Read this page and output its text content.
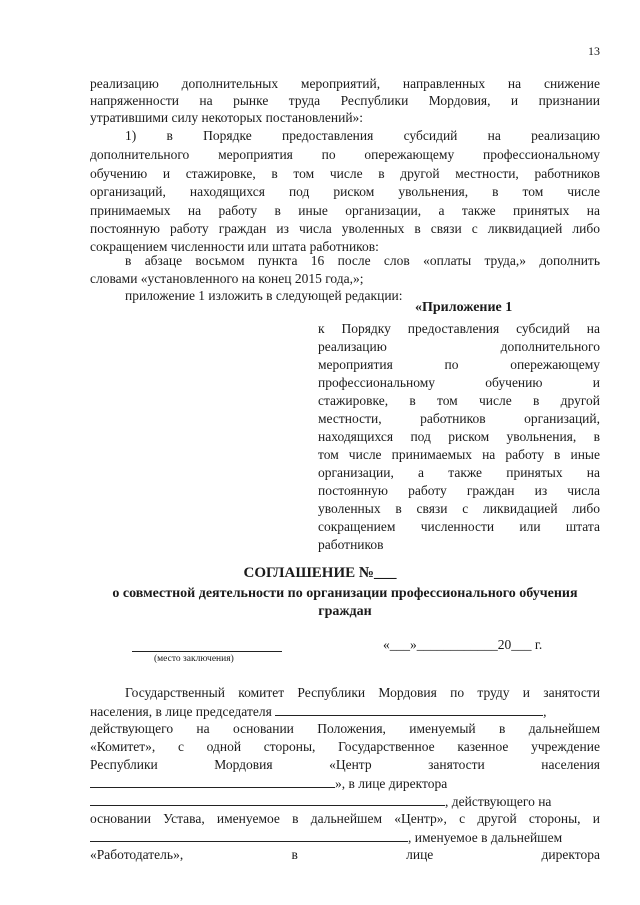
13
реализацию дополнительных мероприятий, направленных на снижение
напряженности на рынке труда Республики Мордовия, и признании
утратившими силу некоторых постановлений»:
1) в Порядке предоставления субсидий на реализацию
дополнительного мероприятия по опережающему профессиональному
обучению и стажировке, в том числе в другой местности, работников
организаций, находящихся под риском увольнения, в том числе
принимаемых на работу в иные организации, а также принятых на
постоянную работу граждан из числа уволенных в связи с ликвидацией либо
сокращением численности или штата работников:
в абзаце восьмом пункта 16 после слов «оплаты труда,» дополнить
словами «установленного на конец 2015 года,»;
приложение 1 изложить в следующей редакции:
«Приложение 1
к Порядку предоставления субсидий на
реализацию дополнительного
мероприятия по опережающему
профессиональному обучению и
стажировке, в том числе в другой
местности, работников организаций,
находящихся под риском увольнения, в
том числе принимаемых на работу в иные
организации, а также принятых на
постоянную работу граждан из числа
уволенных в связи с ликвидацией либо
сокращением численности или штата
работников
СОГЛАШЕНИЕ №___
о совместной деятельности по организации профессионального обучения
граждан
(место заключения)
«___»____________20___ г.
Государственный комитет Республики Мордовия по труду и занятости
населения, в лице председателя	,
действующего на основании Положения, именуемый в дальнейшем
«Комитет», с одной стороны, Государственное казенное учреждение
Республики Мордовия «Центр занятости населения
», в лице директора
, действующего на
основании Устава, именуемое в дальнейшем «Центр», с другой стороны, и
, именуемое в дальнейшем
«Работодатель», в лице директора
